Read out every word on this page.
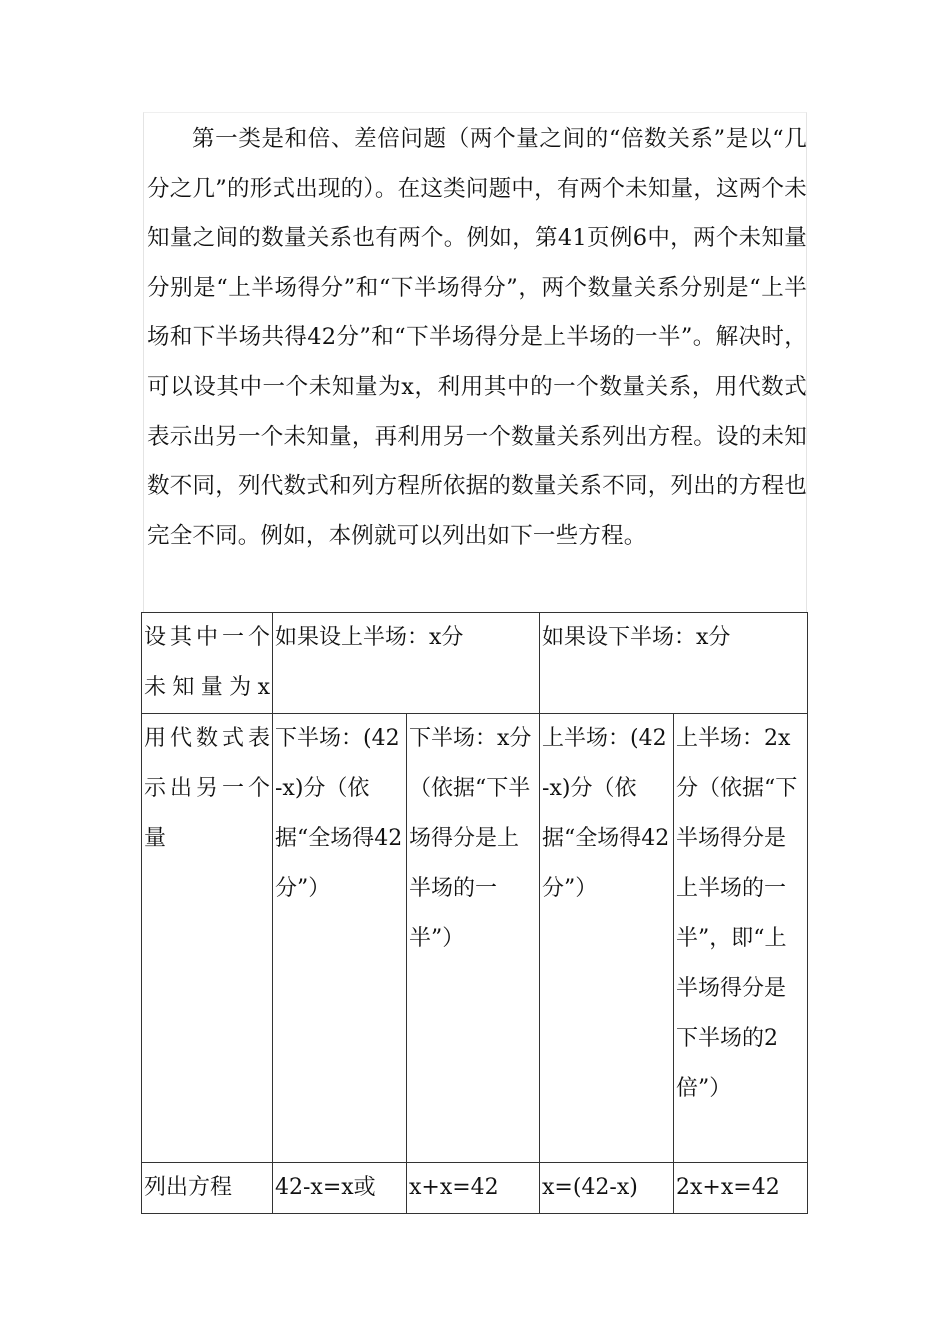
第一类是和倍、差倍问题（两个量之间的“倍数关系”是以“几分之几”的形式出现的）。在这类问题中，有两个未知量，这两个未知量之间的数量关系也有两个。例如，第41页例6中，两个未知量分别是“上半场得分”和“下半场得分”，两个数量关系分别是“上半场和下半场共得42分”和“下半场得分是上半场的一半”。解决时，可以设其中一个未知量为x，利用其中的一个数量关系，用代数式表示出另一个未知量，再利用另一个数量关系列出方程。设的未知数不同，列代数式和列方程所依据的数量关系不同，列出的方程也完全不同。例如，本例就可以列出如下一些方程。

设其中一个未知量为x	如果设上半场：x分		如果设下半场：x分	
用代数式表示出另一个量	下半场：(42-x)分（依据“全场得42分”）	下半场：x分（依据“下半场得分是上半场的一半”）	上半场：(42-x)分（依据“全场得42分”）	上半场：2x分（依据“下半场得分是上半场的一半”，即“上半场得分是下半场的2倍”）
列出方程	42-x=x或	x+x=42	x=(42-x)	2x+x=42
